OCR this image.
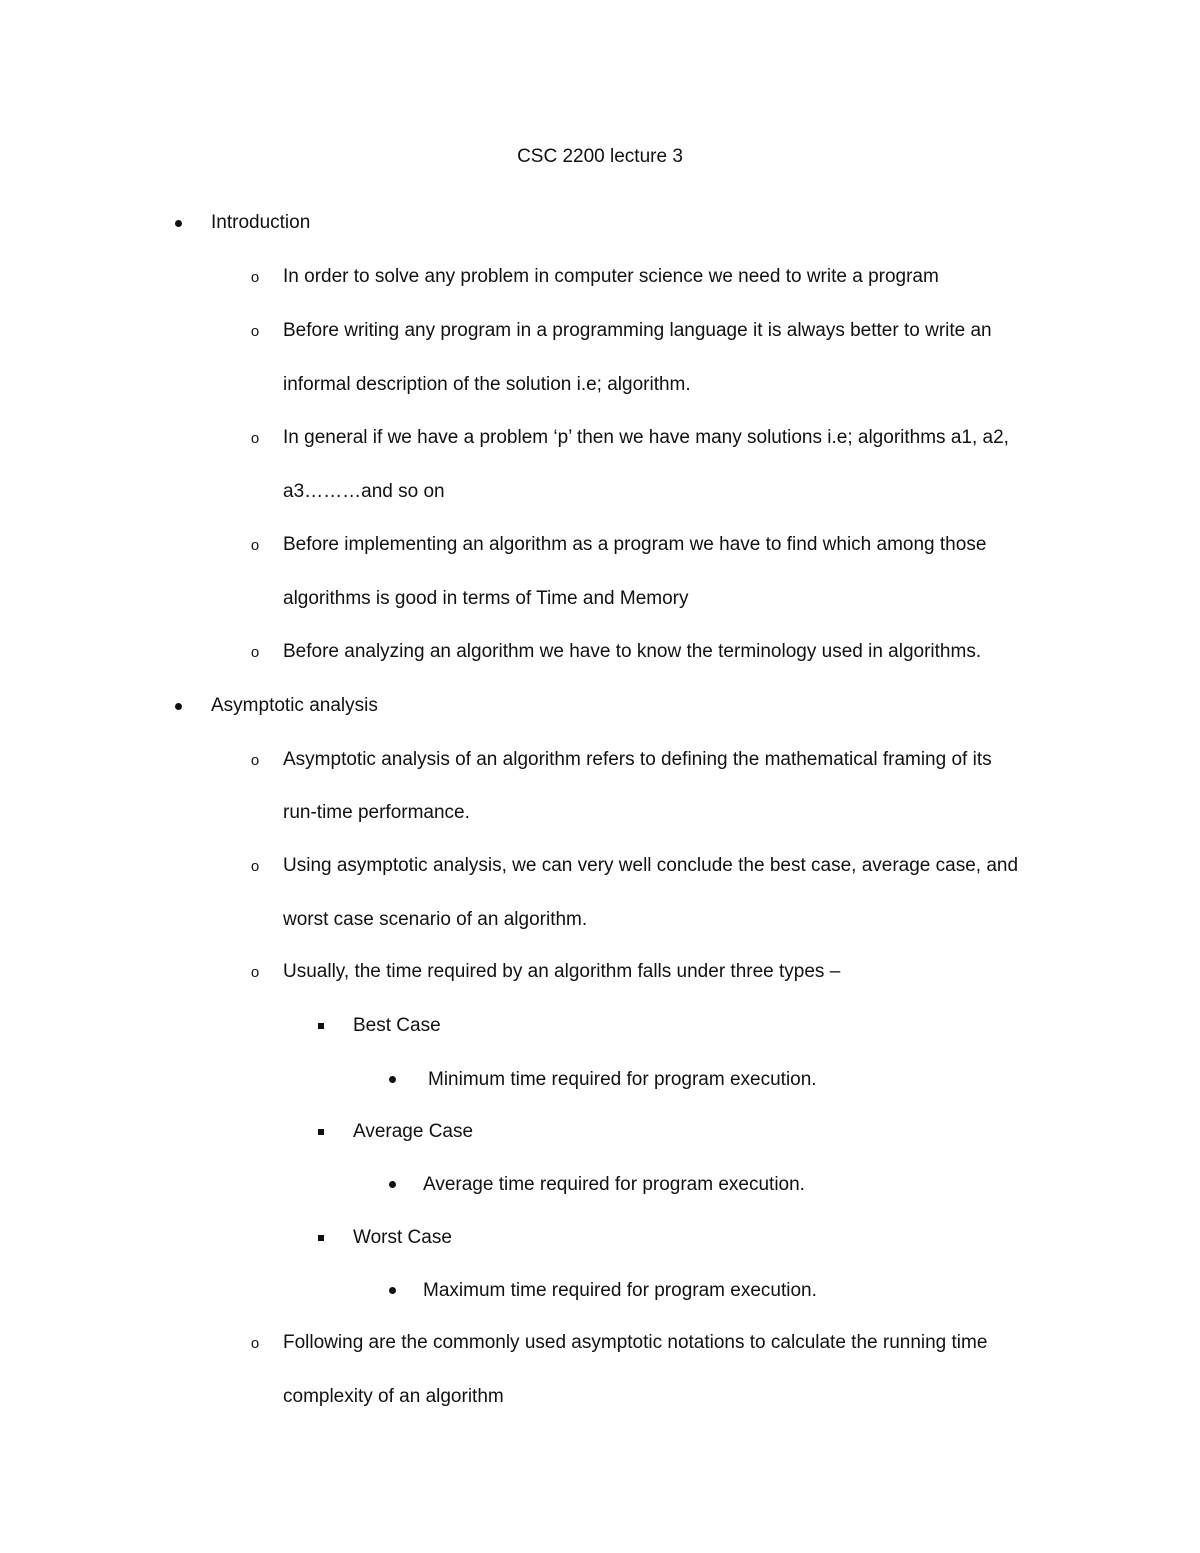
CSC 2200 lecture 3
Introduction
o In order to solve any problem in computer science we need to write a program
o Before writing any program in a programming language it is always better to write an
informal description of the solution i.e; algorithm.
o In general if we have a problem ‘p’ then we have many solutions i.e; algorithms a1, a2,
a3………and so on
o Before implementing an algorithm as a program we have to find which among those
algorithms is good in terms of Time and Memory
o Before analyzing an algorithm we have to know the terminology used in algorithms.
Asymptotic analysis
o Asymptotic analysis of an algorithm refers to defining the mathematical framing of its
run-time performance.
o Using asymptotic analysis, we can very well conclude the best case, average case, and
worst case scenario of an algorithm.
o Usually, the time required by an algorithm falls under three types –
Best Case
Minimum time required for program execution.
Average Case
Average time required for program execution.
Worst Case
Maximum time required for program execution.
o Following are the commonly used asymptotic notations to calculate the running time
complexity of an algorithm
